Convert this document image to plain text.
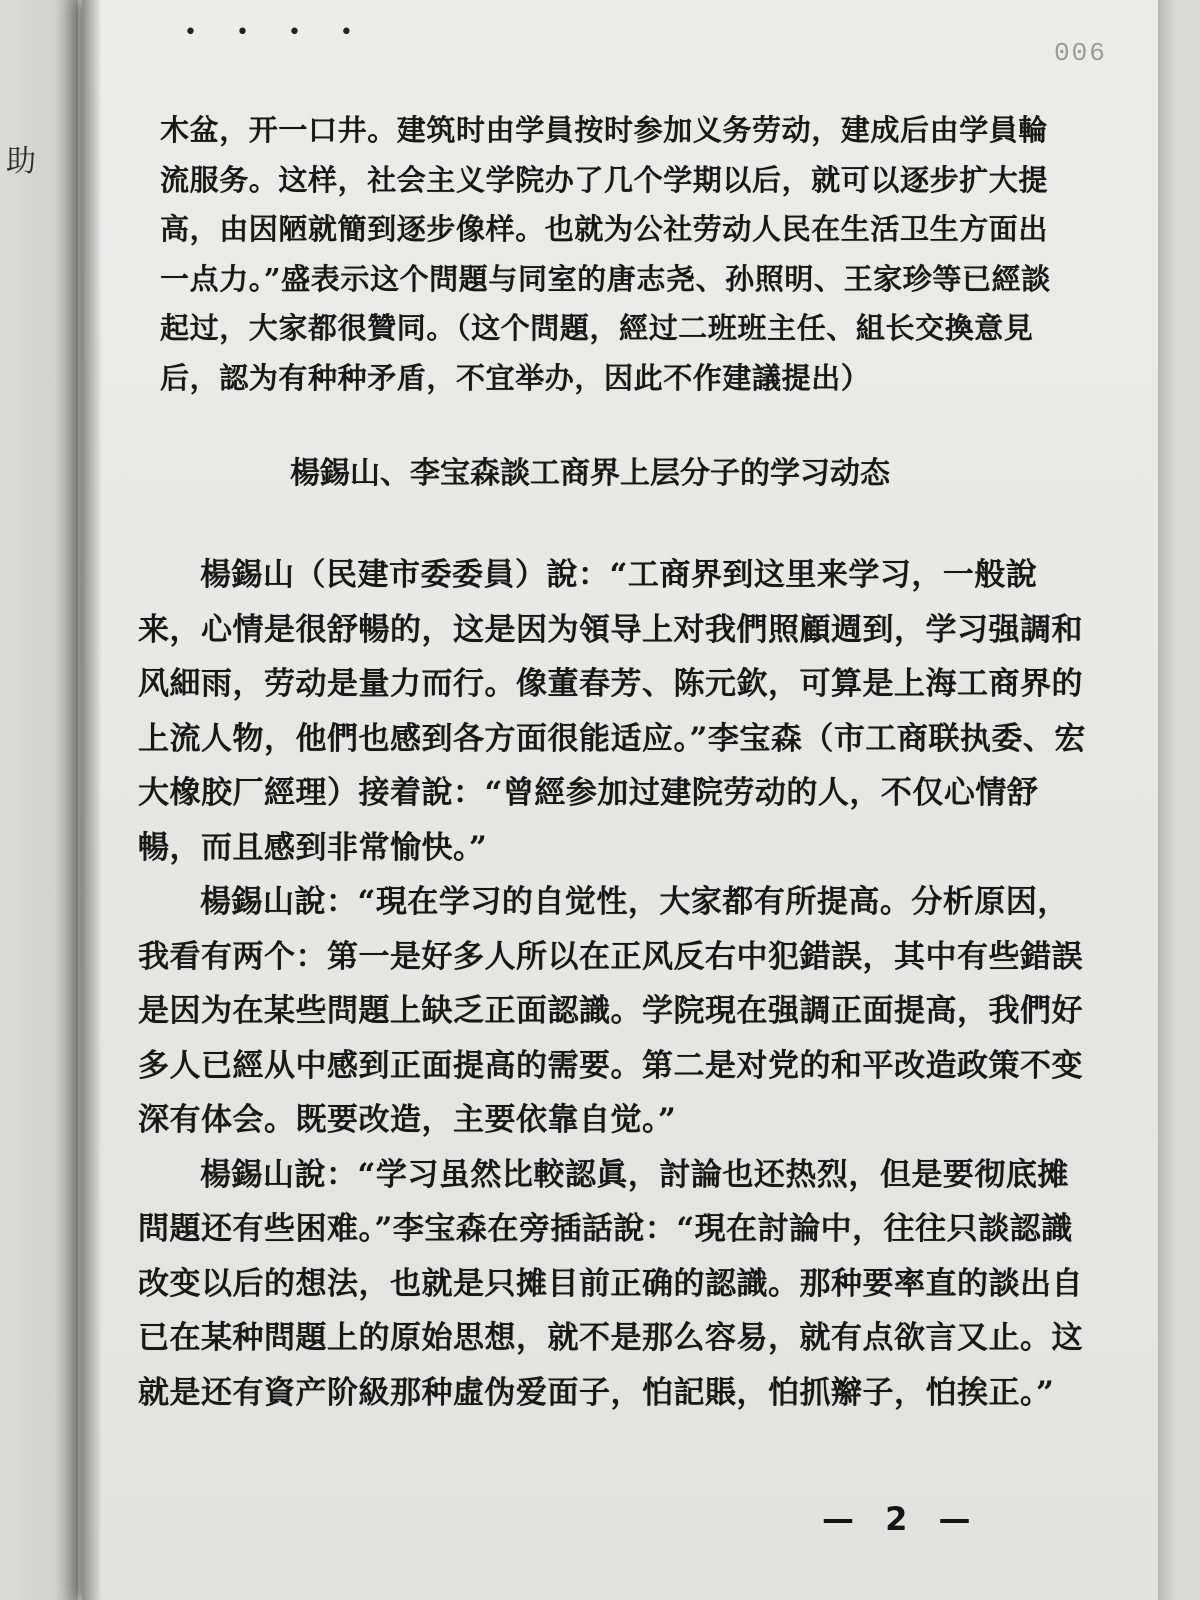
助
• • • •
006
木盆，开一口井。建筑时由学員按时参加义务劳动，建成后由学員輪流服务。这样，社会主义学院办了几个学期以后，就可以逐步扩大提高，由因陋就簡到逐步像样。也就为公社劳动人民在生活卫生方面出一点力。”盛表示这个問題与同室的唐志尧、孙照明、王家珍等已經談起过，大家都很贊同。（这个問題，經过二班班主任、組长交換意見后，認为有种种矛盾，不宜举办，因此不作建議提出）
楊錫山、李宝森談工商界上层分子的学习动态

楊錫山（民建市委委員）說：“工商界到这里来学习，一般說来，心情是很舒暢的，这是因为領导上对我們照顧週到，学习强調和风細雨，劳动是量力而行。像董春芳、陈元欽，可算是上海工商界的上流人物，他們也感到各方面很能适应。”李宝森（市工商联执委、宏大橡胶厂經理）接着說：“曾經参加过建院劳动的人，不仅心情舒暢，而且感到非常愉快。”

楊錫山說：“現在学习的自觉性，大家都有所提高。分析原因，我看有两个：第一是好多人所以在正风反右中犯錯誤，其中有些錯誤是因为在某些問題上缺乏正面認識。学院現在强調正面提高，我們好多人已經从中感到正面提高的需要。第二是对党的和平改造政策不变深有体会。既要改造，主要依靠自觉。”

楊錫山說：“学习虽然比較認眞，討論也还热烈，但是要彻底摊問題还有些困难。”李宝森在旁插話說：“現在討論中，往往只談認識改变以后的想法，也就是只摊目前正确的認識。那种要率直的談出自已在某种問題上的原始思想，就不是那么容易，就有点欲言又止。这就是还有資产阶級那种虛伪爱面子，怕記賬，怕抓辮子，怕挨正。”

— 2 —
